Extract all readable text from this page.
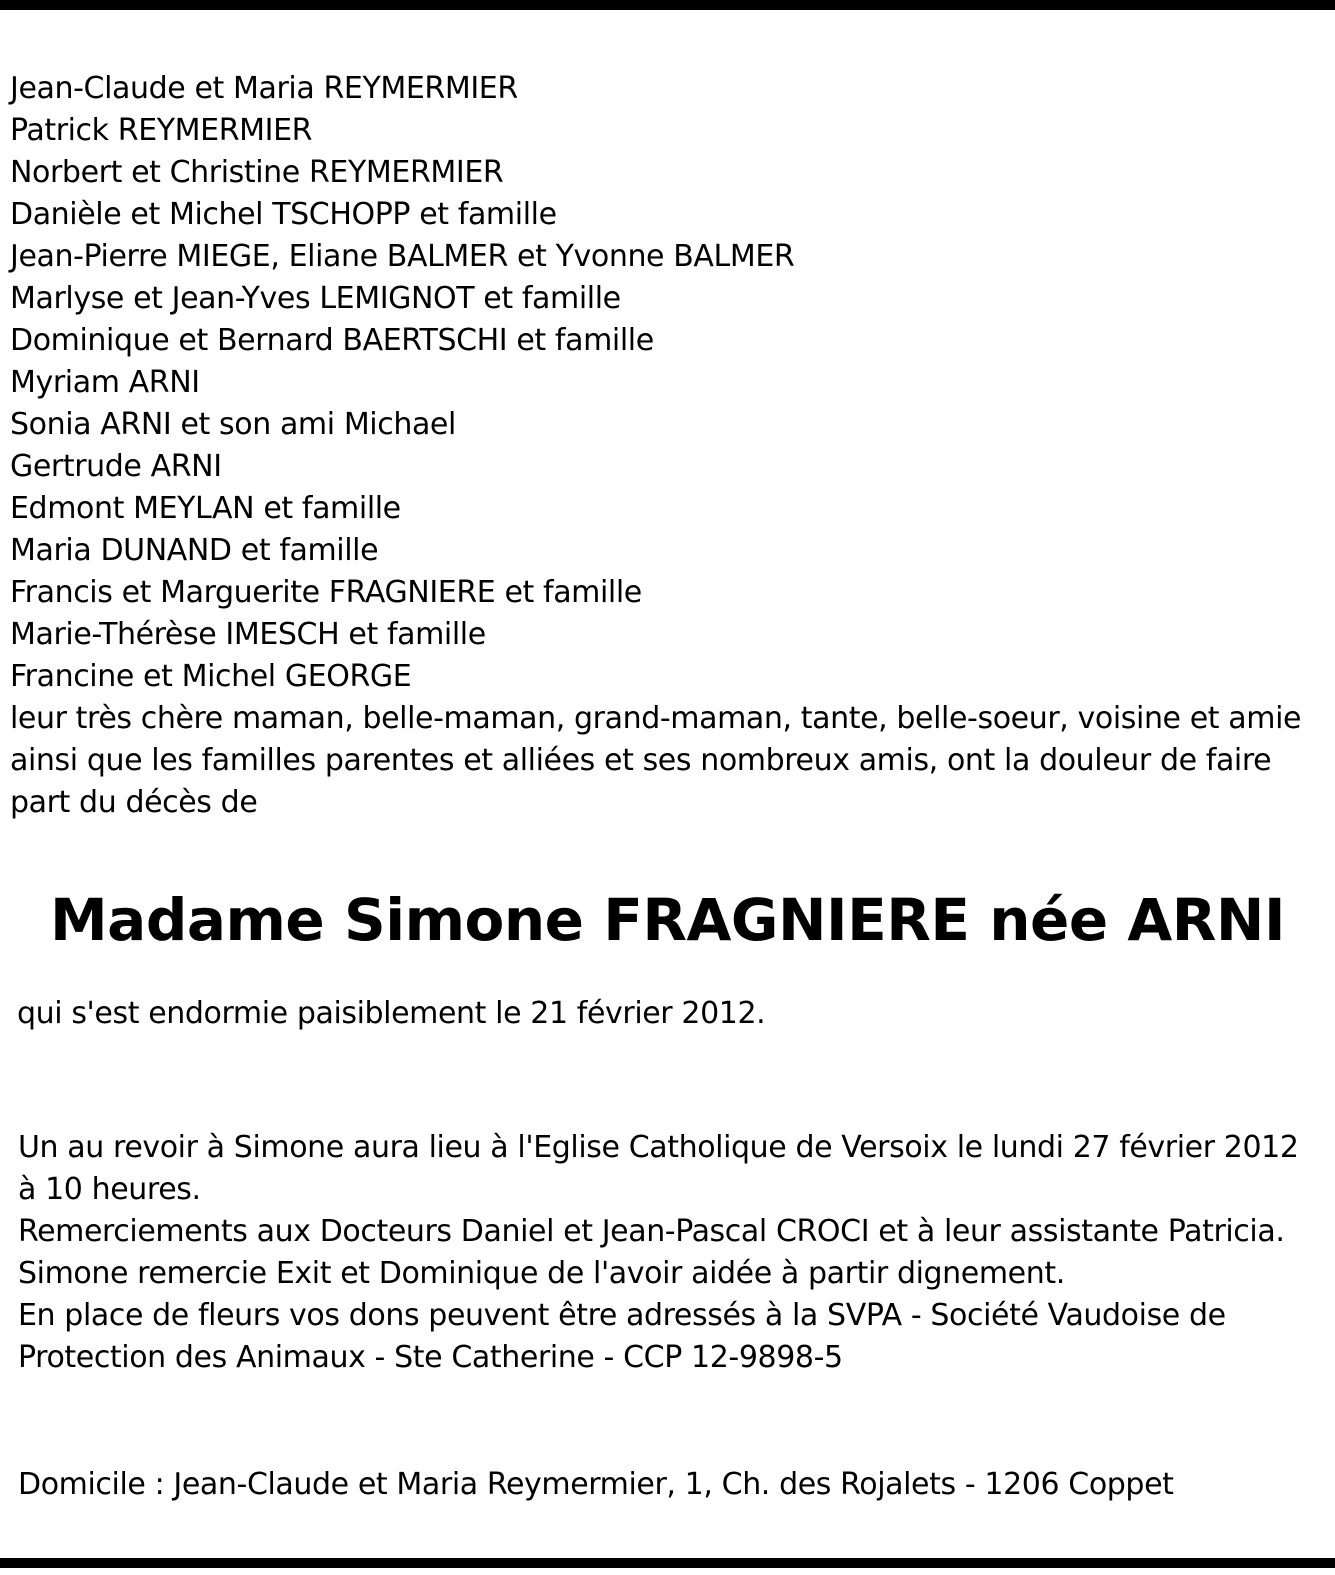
Jean-Claude et Maria REYMERMIER
Patrick REYMERMIER
Norbert et Christine REYMERMIER
Danièle et Michel TSCHOPP et famille
Jean-Pierre MIEGE, Eliane BALMER et Yvonne BALMER
Marlyse et Jean-Yves LEMIGNOT et famille
Dominique et Bernard BAERTSCHI et famille
Myriam ARNI
Sonia ARNI et son ami Michael
Gertrude ARNI
Edmont MEYLAN et famille
Maria DUNAND et famille
Francis et Marguerite FRAGNIERE et famille
Marie-Thérèse IMESCH et famille
Francine et Michel GEORGE
leur très chère maman, belle-maman, grand-maman, tante, belle-soeur, voisine et amie ainsi que les familles parentes et alliées et ses nombreux amis, ont la douleur de faire part du décès de
Madame Simone FRAGNIERE née ARNI
qui s'est endormie paisiblement le 21 février 2012.
Un au revoir à Simone aura lieu à l'Eglise Catholique de Versoix le lundi 27 février 2012 à 10 heures.
Remerciements aux Docteurs Daniel et Jean-Pascal CROCI et à leur assistante Patricia.
Simone remercie Exit et Dominique de l'avoir aidée à partir dignement.
En place de fleurs vos dons peuvent être adressés à la SVPA - Société Vaudoise de Protection des Animaux - Ste Catherine - CCP 12-9898-5
Domicile : Jean-Claude et Maria Reymermier, 1, Ch. des Rojalets - 1206 Coppet
